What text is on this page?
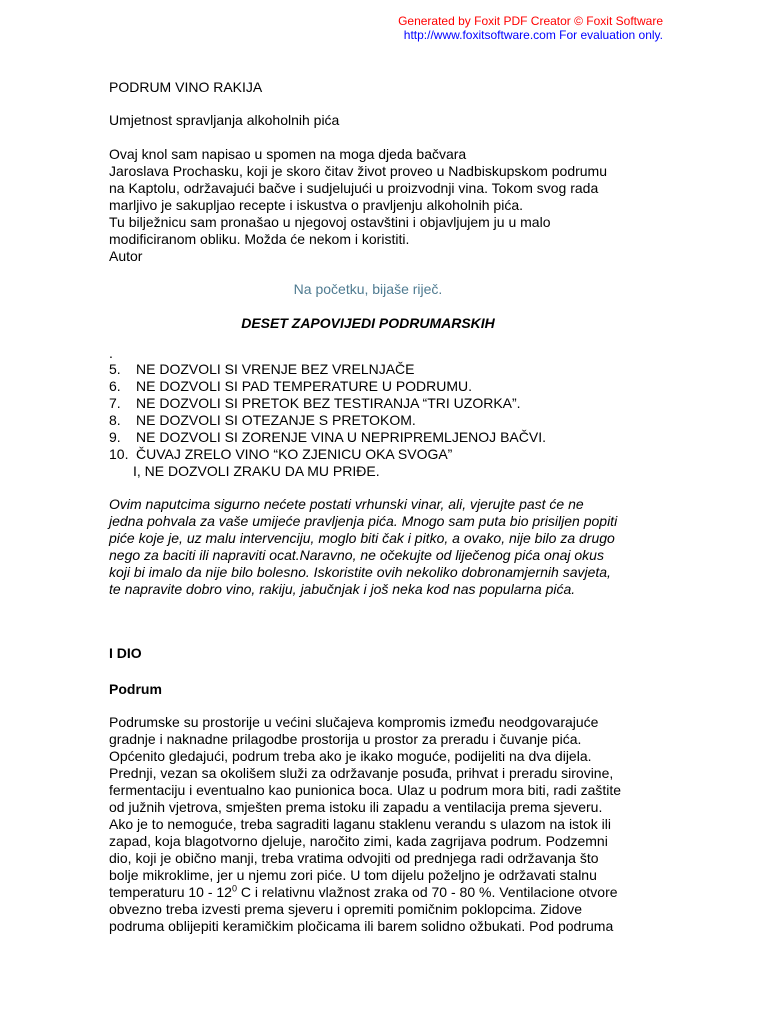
Generated by Foxit PDF Creator © Foxit Software
http://www.foxitsoftware.com For evaluation only.
PODRUM VINO RAKIJA
Umjetnost spravljanja alkoholnih pića
Ovaj knol sam napisao u spomen na moga djeda bačvara
Jaroslava Prochasku, koji je skoro čitav život proveo u Nadbiskupskom podrumu
na Kaptolu, održavajući bačve i sudjelujući u proizvodnji vina. Tokom svog rada
marljivo je sakupljao recepte i iskustva o pravljenju alkoholnih pića.
Tu bilježnicu sam pronašao u njegovoj ostavštini i objavljujem ju u malo
modificiranom obliku. Možda će nekom i koristiti.
Autor
Na početku, bijaše riječ.
DESET ZAPOVIJEDI PODRUMARSKIH
.
5. NE DOZVOLI SI VRENJE BEZ VRELNJAČE
6. NE DOZVOLI SI PAD TEMPERATURE U PODRUMU.
7. NE DOZVOLI SI PRETOK BEZ TESTIRANJA “TRI UZORKA”.
8. NE DOZVOLI SI OTEZANJE S PRETOKOM.
9. NE DOZVOLI SI ZORENJE VINA U NEPRIPREMLJENOJ BAČVI.
10. ČUVAJ ZRELO VINO “KO ZJENICU OKA SVOGA”
I, NE DOZVOLI ZRAKU DA MU PRIĐE.
Ovim naputcima sigurno nećete postati vrhunski vinar, ali, vjerujte past će ne
jedna pohvala za vaše umijeće pravljenja pića. Mnogo sam puta bio prisiljen popiti
piće koje je, uz malu intervenciju, moglo biti čak i pitko, a ovako, nije bilo za drugo
nego za baciti ili napraviti ocat.Naravno, ne očekujte od liječenog pića onaj okus
koji bi imalo da nije bilo bolesno. Iskoristite ovih nekoliko dobronamjernih savjeta,
te napravite dobro vino, rakiju, jabučnjak i još neka kod nas popularna pića.
I DIO
Podrum
Podrumske su prostorije u većini slučajeva kompromis između neodgovarajuće
gradnje i naknadne prilagodbe prostorija u prostor za preradu i čuvanje pića.
Općenito gledajući, podrum treba ako je ikako moguće, podijeliti na dva dijela.
Prednji, vezan sa okolišem služi za održavanje posuđa, prihvat i preradu sirovine,
fermentaciju i eventualno kao punionica boca. Ulaz u podrum mora biti, radi zaštite
od južnih vjetrova, smješten prema istoku ili zapadu a ventilacija prema sjeveru.
Ako je to nemoguće, treba sagraditi laganu staklenu verandu s ulazom na istok ili
zapad, koja blagotvorno djeluje, naročito zimi, kada zagrijava podrum. Podzemni
dio, koji je obično manji, treba vratima odvojiti od prednjega radi održavanja što
bolje mikroklime, jer u njemu zori piće. U tom dijelu poželjno je održavati stalnu
temperaturu $10 - 12^0$ C i relativnu vlažnost zraka od 70 - 80 %. Ventilacione otvore
obvezno treba izvesti prema sjeveru i opremiti pomičnim poklopcima. Zidove
podruma oblijepiti keramičkim pločicama ili barem solidno ožbukati. Pod podruma
